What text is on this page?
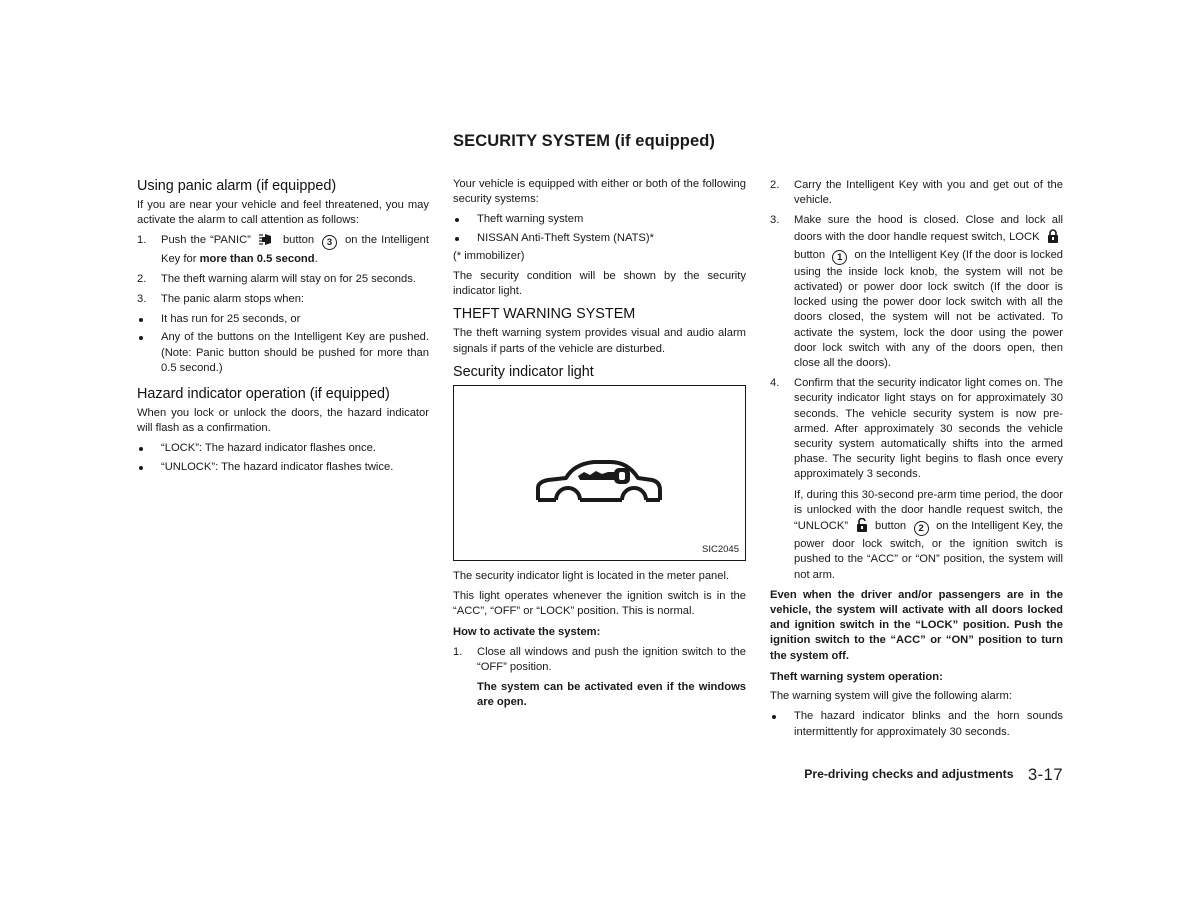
SECURITY SYSTEM (if equipped)
Using panic alarm (if equipped)

If you are near your vehicle and feel threatened, you may activate the alarm to call attention as follows:

1. Push the “PANIC”	button 3 on the Intelligent Key for more than 0.5 second.
2. The theft warning alarm will stay on for 25 seconds.
3. The panic alarm stops when:
It has run for 25 seconds, or
Any of the buttons on the Intelligent Key are pushed. (Note: Panic button should be pushed for more than 0.5 second.)
Hazard indicator operation (if equipped)

When you lock or unlock the doors, the hazard indicator will flash as a confirmation.

“LOCK”: The hazard indicator flashes once.
“UNLOCK”: The hazard indicator flashes twice.

Your vehicle is equipped with either or both of the following security systems:

Theft warning system
NISSAN Anti-Theft System (NATS)*

(* immobilizer)

The security condition will be shown by the security indicator light.

THEFT WARNING SYSTEM

The theft warning system provides visual and audio alarm signals if parts of the vehicle are disturbed.

Security indicator light
SIC2045

The security indicator light is located in the meter panel.

This light operates whenever the ignition switch is in the “ACC”, “OFF” or “LOCK” position. This is normal.

How to activate the system:
1. Close all windows and push the ignition switch to the “OFF” position.

The system can be activated even if the windows are open.

2. Carry the Intelligent Key with you and get out of the vehicle.
3. Make sure the hood is closed. Close and lock all doors with the door handle request switch, LOCK  button 1 on the Intelligent Key (If the door is locked using the inside lock knob, the system will not be activated) or power door lock switch (If the door is locked using the power door lock switch with all the doors closed, the system will not be activated. To activate the system, lock the door using the power door lock switch with any of the doors open, then close all the doors).
4. Confirm that the security indicator light comes on. The security indicator light stays on for approximately 30 seconds. The vehicle security system is now pre-armed. After approximately 30 seconds the vehicle security system automatically shifts into the armed phase. The security light begins to flash once every approximately 3 seconds.

If, during this 30-second pre-arm time period, the door is unlocked with the door handle request switch, the “UNLOCK” button 2 on the Intelligent Key, the power door lock switch, or the ignition switch is pushed to the “ACC” or “ON” position, the system will not arm.

Even when the driver and/or passengers are in the vehicle, the system will activate with all doors locked and ignition switch in the “LOCK” position. Push the ignition switch to the “ACC” or “ON” position to turn the system off.

Theft warning system operation:

The warning system will give the following alarm:

The hazard indicator blinks and the horn sounds intermittently for approximately 30 seconds.
Pre-driving checks and adjustments 3-17
